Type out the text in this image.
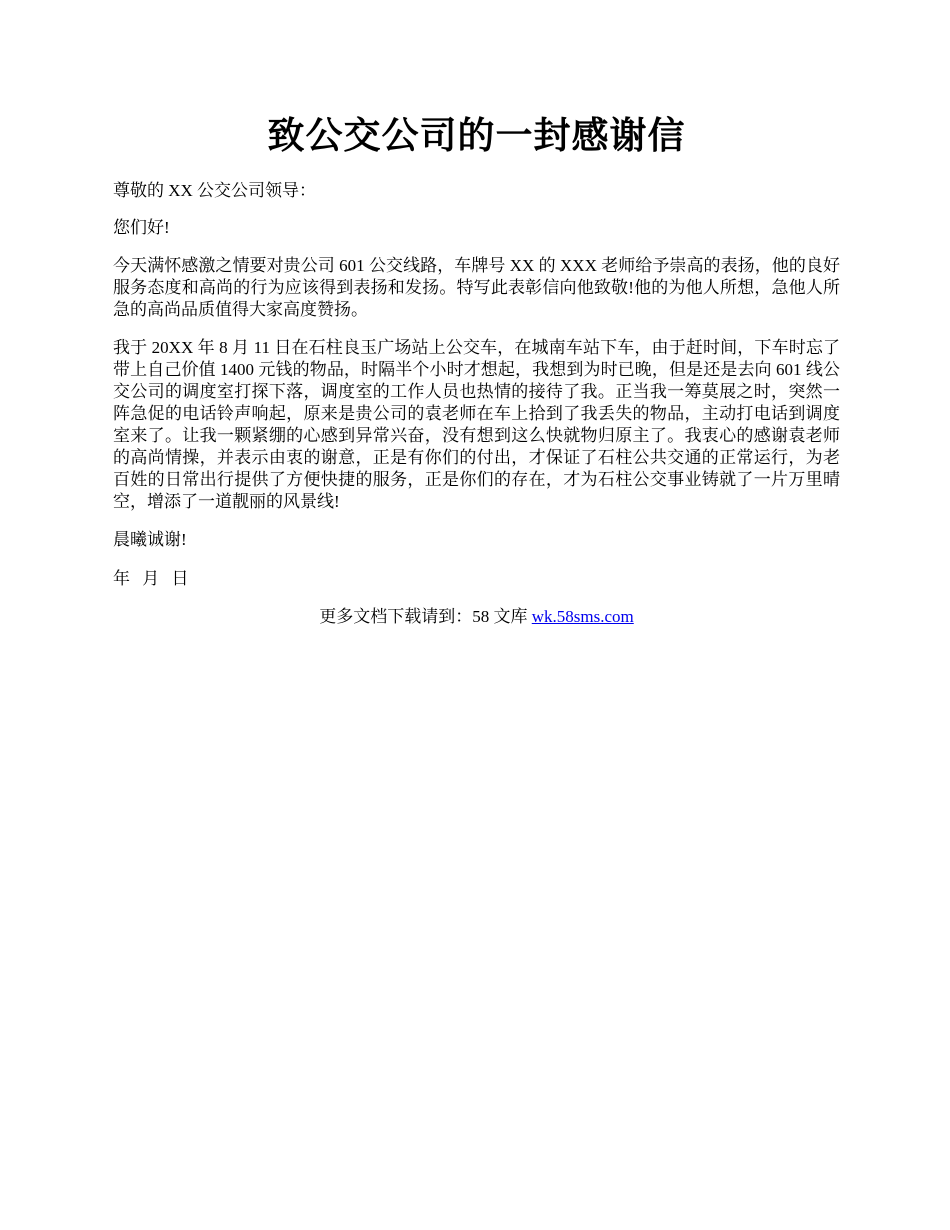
致公交公司的一封感谢信

尊敬的 XX 公交公司领导：

您们好!

今天满怀感激之情要对贵公司 601 公交线路，车牌号 XX 的 XXX 老师给予崇高的表扬，他的良好服务态度和高尚的行为应该得到表扬和发扬。特写此表彰信向他致敬!他的为他人所想，急他人所急的高尚品质值得大家高度赞扬。

我于 20XX 年 8 月 11 日在石柱良玉广场站上公交车，在城南车站下车，由于赶时间，下车时忘了带上自己价值 1400 元钱的物品，时隔半个小时才想起，我想到为时已晚，但是还是去向 601 线公交公司的调度室打探下落，调度室的工作人员也热情的接待了我。正当我一筹莫展之时，突然一阵急促的电话铃声响起，原来是贵公司的袁老师在车上拾到了我丢失的物品，主动打电话到调度室来了。让我一颗紧绷的心感到异常兴奋，没有想到这么快就物归原主了。我衷心的感谢袁老师的高尚情操，并表示由衷的谢意，正是有你们的付出，才保证了石柱公共交通的正常运行，为老百姓的日常出行提供了方便快捷的服务，正是你们的存在，才为石柱公交事业铸就了一片万里晴空，增添了一道靓丽的风景线!

晨曦诚谢!

年 月 日

更多文档下载请到：58 文库 wk.58sms.com
